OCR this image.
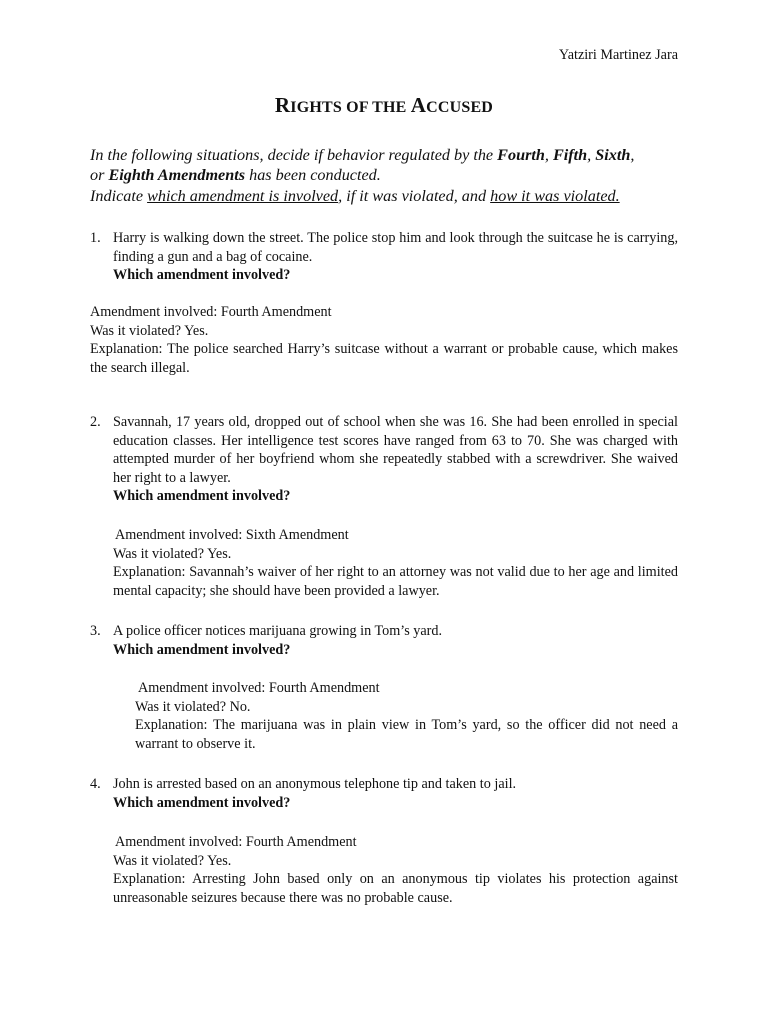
Yatziri Martinez Jara
RIGHTS OF THE ACCUSED
In the following situations, decide if behavior regulated by the Fourth, Fifth, Sixth,
or Eighth Amendments has been conducted.
Indicate which amendment is involved, if it was violated, and how it was violated.
1. Harry is walking down the street. The police stop him and look through the suitcase he is carrying, finding a gun and a bag of cocaine.
Which amendment involved?
Amendment involved: Fourth Amendment
Was it violated? Yes.
Explanation: The police searched Harry’s suitcase without a warrant or probable cause, which makes the search illegal.
2. Savannah, 17 years old, dropped out of school when she was 16. She had been enrolled in special education classes. Her intelligence test scores have ranged from 63 to 70. She was charged with attempted murder of her boyfriend whom she repeatedly stabbed with a screwdriver. She waived her right to a lawyer.
Which amendment involved?
Amendment involved: Sixth Amendment
Was it violated? Yes.
Explanation: Savannah’s waiver of her right to an attorney was not valid due to her age and limited mental capacity; she should have been provided a lawyer.
3. A police officer notices marijuana growing in Tom’s yard.
Which amendment involved?
Amendment involved: Fourth Amendment
Was it violated? No.
Explanation: The marijuana was in plain view in Tom’s yard, so the officer did not need a warrant to observe it.
4. John is arrested based on an anonymous telephone tip and taken to jail.
Which amendment involved?
Amendment involved: Fourth Amendment
Was it violated? Yes.
Explanation: Arresting John based only on an anonymous tip violates his protection against unreasonable seizures because there was no probable cause.
